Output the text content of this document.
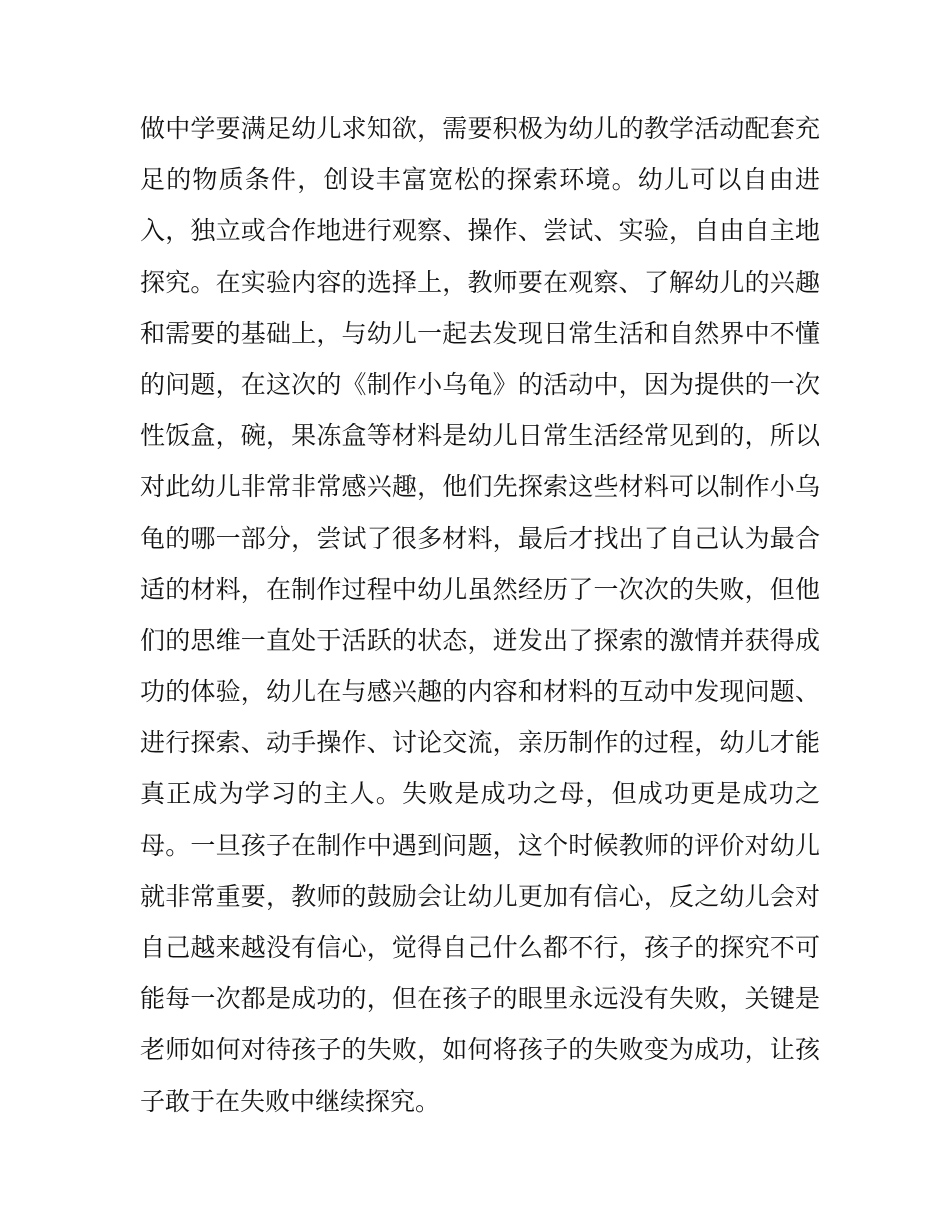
做中学要满足幼儿求知欲，需要积极为幼儿的教学活动配套充
足的物质条件，创设丰富宽松的探索环境。幼儿可以自由进
入，独立或合作地进行观察、操作、尝试、实验，自由自主地
探究。在实验内容的选择上，教师要在观察、了解幼儿的兴趣
和需要的基础上，与幼儿一起去发现日常生活和自然界中不懂
的问题，在这次的《制作小乌龟》的活动中，因为提供的一次
性饭盒，碗，果冻盒等材料是幼儿日常生活经常见到的，所以
对此幼儿非常非常感兴趣，他们先探索这些材料可以制作小乌
龟的哪一部分，尝试了很多材料，最后才找出了自己认为最合
适的材料，在制作过程中幼儿虽然经历了一次次的失败，但他
们的思维一直处于活跃的状态，迸发出了探索的激情并获得成
功的体验，幼儿在与感兴趣的内容和材料的互动中发现问题、
进行探索、动手操作、讨论交流，亲历制作的过程，幼儿才能
真正成为学习的主人。失败是成功之母，但成功更是成功之
母。一旦孩子在制作中遇到问题，这个时候教师的评价对幼儿
就非常重要，教师的鼓励会让幼儿更加有信心，反之幼儿会对
自己越来越没有信心，觉得自己什么都不行，孩子的探究不可
能每一次都是成功的，但在孩子的眼里永远没有失败，关键是
老师如何对待孩子的失败，如何将孩子的失败变为成功，让孩
子敢于在失败中继续探究。
